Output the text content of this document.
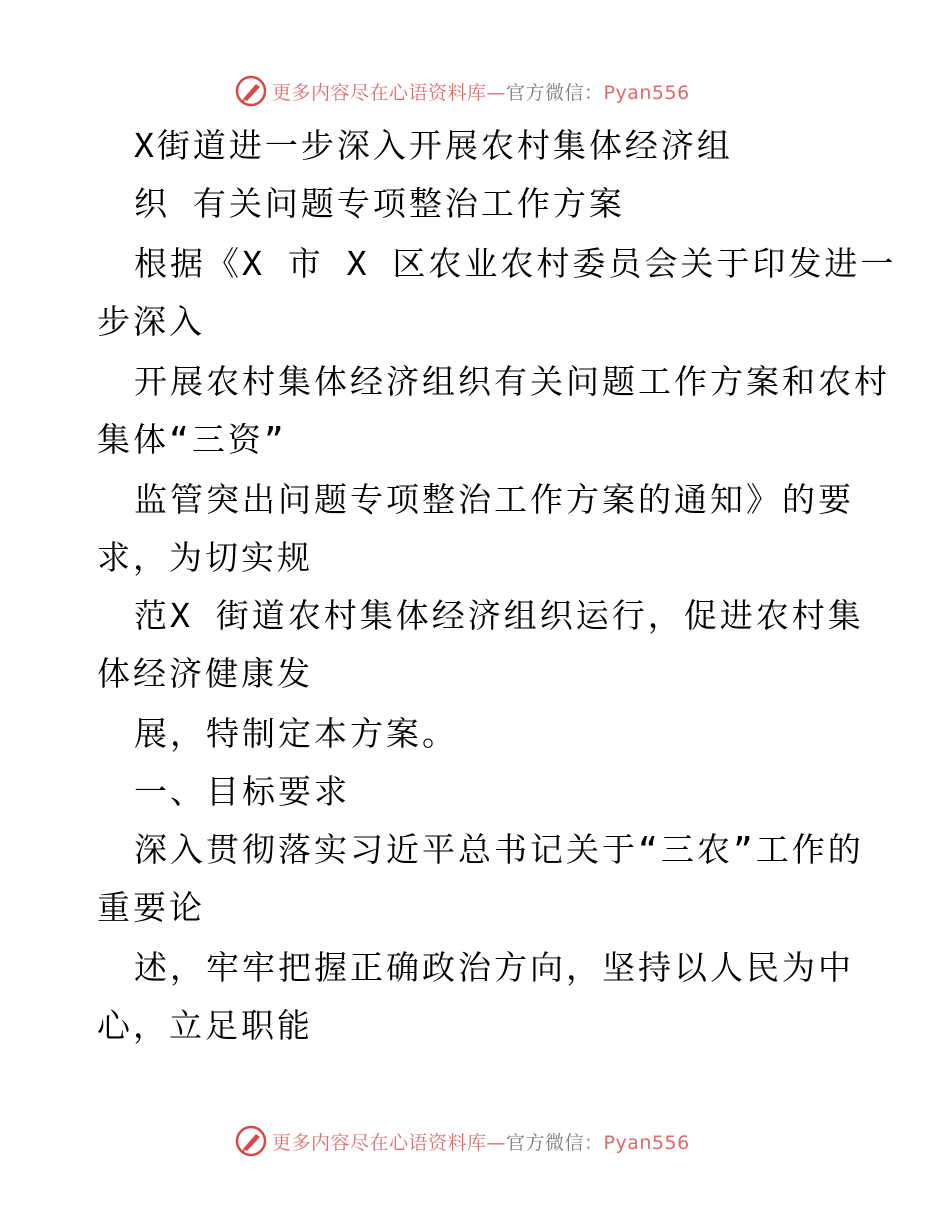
更多内容尽在心语资料库—官方微信：Pyan556
X街道进一步深入开展农村集体经济组
织 有关问题专项整治工作方案
根据《X 市 X 区农业农村委员会关于印发进一
步深入
开展农村集体经济组织有关问题工作方案和农村
集体“三资”
监管突出问题专项整治工作方案的通知》的要
求，为切实规
范X 街道农村集体经济组织运行，促进农村集
体经济健康发
展，特制定本方案。
一、目标要求
深入贯彻落实习近平总书记关于“三农”工作的
重要论
述，牢牢把握正确政治方向，坚持以人民为中
心，立足职能
更多内容尽在心语资料库—官方微信：Pyan556
